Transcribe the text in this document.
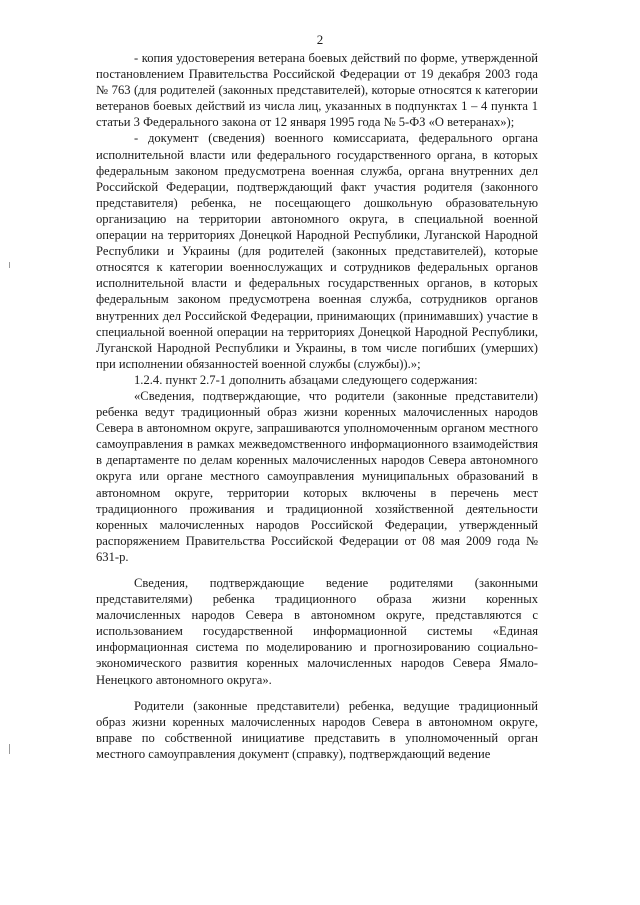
2

- копия удостоверения ветерана боевых действий по форме, утвержденной постановлением Правительства Российской Федерации от 19 декабря 2003 года № 763 (для родителей (законных представителей), которые относятся к категории ветеранов боевых действий из числа лиц, указанных в подпунктах 1 – 4 пункта 1 статьи 3 Федерального закона от 12 января 1995 года № 5-ФЗ «О ветеранах»);

- документ (сведения) военного комиссариата, федерального органа исполнительной власти или федерального государственного органа, в которых федеральным законом предусмотрена военная служба, органа внутренних дел Российской Федерации, подтверждающий факт участия родителя (законного представителя) ребенка, не посещающего дошкольную образовательную организацию на территории автономного округа, в специальной военной операции на территориях Донецкой Народной Республики, Луганской Народной Республики и Украины (для родителей (законных представителей), которые относятся к категории военнослужащих и сотрудников федеральных органов исполнительной власти и федеральных государственных органов, в которых федеральным законом предусмотрена военная служба, сотрудников органов внутренних дел Российской Федерации, принимающих (принимавших) участие в специальной военной операции на территориях Донецкой Народной Республики, Луганской Народной Республики и Украины, в том числе погибших (умерших) при исполнении обязанностей военной службы (службы)).»;

1.2.4. пункт 2.7-1 дополнить абзацами следующего содержания:

«Сведения, подтверждающие, что родители (законные представители) ребенка ведут традиционный образ жизни коренных малочисленных народов Севера в автономном округе, запрашиваются уполномоченным органом местного самоуправления в рамках межведомственного информационного взаимодействия в департаменте по делам коренных малочисленных народов Севера автономного округа или органе местного самоуправления муниципальных образований в автономном округе, территории которых включены в перечень мест традиционного проживания и традиционной хозяйственной деятельности коренных малочисленных народов Российской Федерации, утвержденный распоряжением Правительства Российской Федерации от 08 мая 2009 года № 631-р.

Сведения, подтверждающие ведение родителями (законными представителями) ребенка традиционного образа жизни коренных малочисленных народов Севера в автономном округе, представляются с использованием государственной информационной системы «Единая информационная система по моделированию и прогнозированию социально-экономического развития коренных малочисленных народов Севера Ямало-Ненецкого автономного округа».

Родители (законные представители) ребенка, ведущие традиционный образ жизни коренных малочисленных народов Севера в автономном округе, вправе по собственной инициативе представить в уполномоченный орган местного самоуправления документ (справку), подтверждающий ведение
